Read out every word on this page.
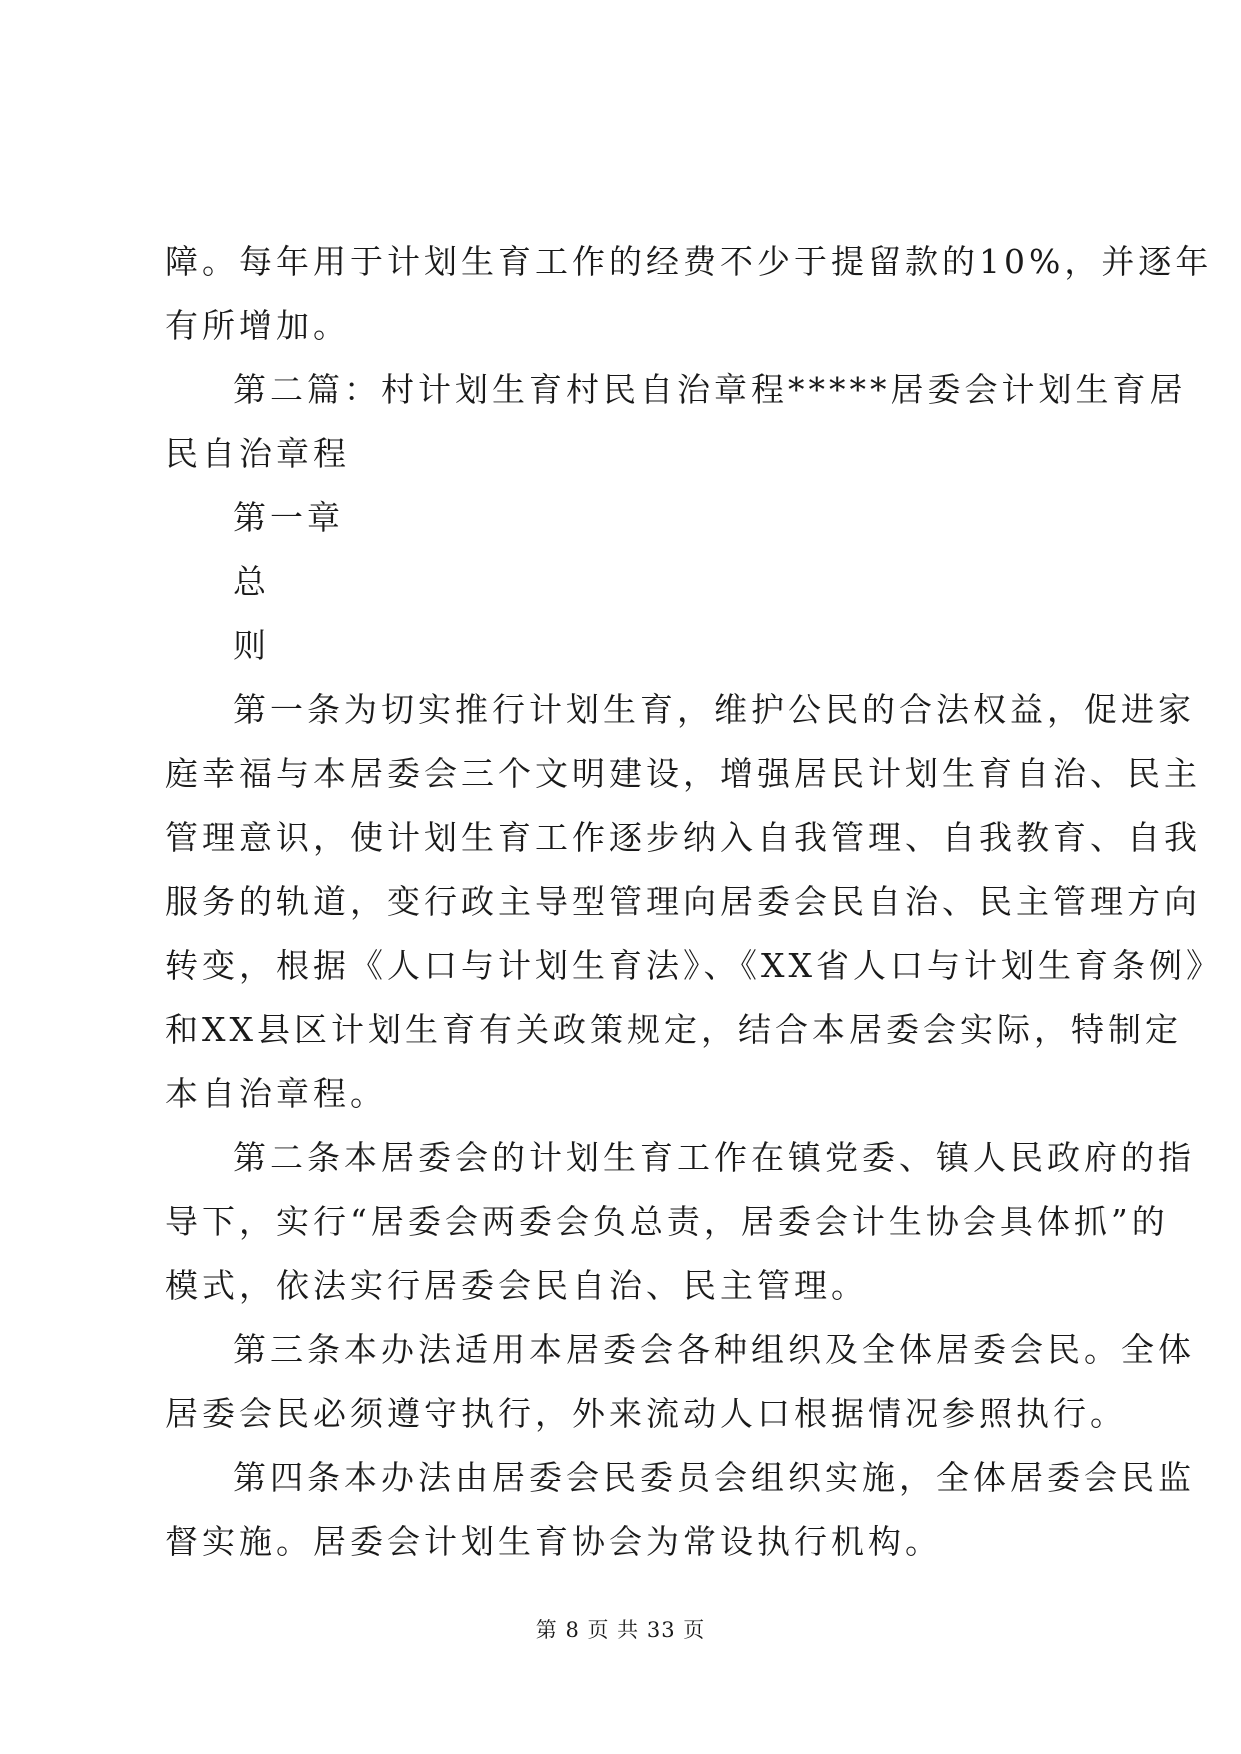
障。每年用于计划生育工作的经费不少于提留款的10%，并逐年

有所增加。

第二篇：村计划生育村民自治章程*****居委会计划生育居

民自治章程

第一章

总

则

第一条为切实推行计划生育，维护公民的合法权益，促进家

庭幸福与本居委会三个文明建设，增强居民计划生育自治、民主

管理意识，使计划生育工作逐步纳入自我管理、自我教育、自我

服务的轨道，变行政主导型管理向居委会民自治、民主管理方向

转变，根据《人口与计划生育法》、《XX省人口与计划生育条例》

和XX县区计划生育有关政策规定，结合本居委会实际，特制定

本自治章程。

第二条本居委会的计划生育工作在镇党委、镇人民政府的指

导下，实行“居委会两委会负总责，居委会计生协会具体抓”的

模式，依法实行居委会民自治、民主管理。

第三条本办法适用本居委会各种组织及全体居委会民。全体

居委会民必须遵守执行，外来流动人口根据情况参照执行。

第四条本办法由居委会民委员会组织实施，全体居委会民监

督实施。居委会计划生育协会为常设执行机构。

第 8 页 共 33 页
